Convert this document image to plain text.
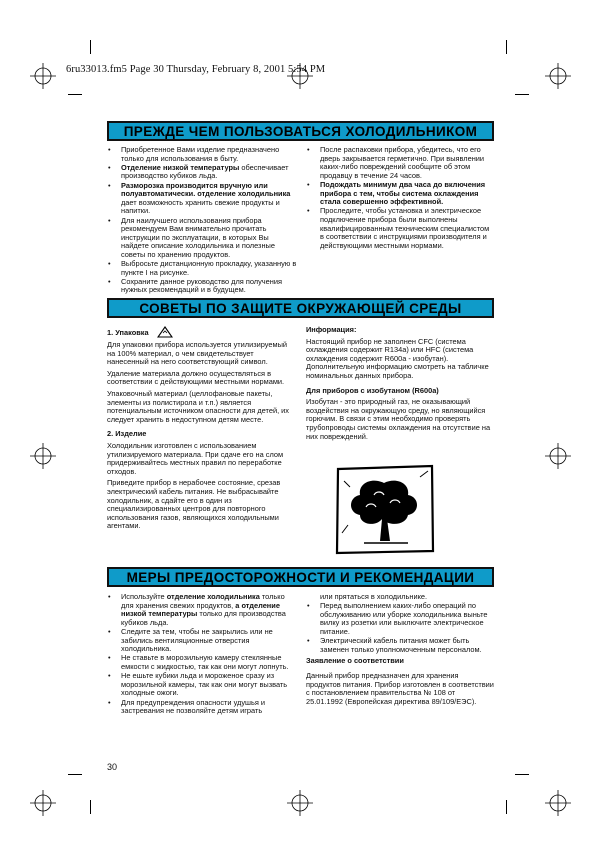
6ru33013.fm5 Page 30 Thursday, February 8, 2001 5:54 PM
ПРЕЖДЕ ЧЕМ ПОЛЬЗОВАТЬСЯ ХОЛОДИЛЬНИКОМ
• Приобретенное Вами изделие предназначено только для использования в быту.
• Отделение низкой температуры обеспечивает производство кубиков льда.
• Разморозка производится вручную или полуавтоматически. отделение холодильника дает возможность хранить свежие продукты и напитки.
• Для наилучшего использования прибора рекомендуем Вам внимательно прочитать инструкции по эксплуатации, в которых Вы найдете описание холодильника и полезные советы по хранению продуктов.
• Выбросьте дистанционную прокладку, указанную в пункте I на рисунке.
• Сохраните данное руководство для получения нужных рекомендаций и в будущем.
• После распаковки прибора, убедитесь, что его дверь закрывается герметично. При выявлении каких-либо повреждений сообщите об этом продавцу в течение 24 часов.
• Подождать минимум два часа до включения прибора с тем, чтобы система охлаждения стала совершенно эффективной.
• Проследите, чтобы установка и электрическое подключение прибора были выполнены квалифицированным техническим специалистом в соответствии с инструкциями производителя и действующими местными нормами.
СОВЕТЫ ПО ЗАЩИТЕ ОКРУЖАЮЩЕЙ СРЕДЫ
1. Упаковка
Для упаковки прибора используется утилизируемый на 100% материал, о чем свидетельствует нанесенный на него соответствующий символ.
Удаление материала должно осуществляться в соответствии с действующими местными нормами.
Упаковочный материал (целлофановые пакеты, элементы из полистирола и т.п.) является потенциальным источником опасности для детей, их следует хранить в недоступном детям месте.
2. Изделие
Холодильник изготовлен с использованием утилизируемого материала. При сдаче его на слом придерживайтесь местных правил по переработке отходов.
Приведите прибор в нерабочее состояние, срезав электрический кабель питания. Не выбрасывайте холодильник, а сдайте его в один из специализированных центров для повторного использования газов, являющихся холодильными агентами.
Информация:
Настоящий прибор не заполнен CFC (система охлаждения содержит R134a) или HFC (система охлаждения содержит R600a - изобутан). Дополнительную информацию смотреть на табличке номинальных данных прибора.
Для приборов с изобутаном (R600a)
Изобутан - это природный газ, не оказывающий воздействия на окружающую среду, но являющийся горючим. В связи с этим необходимо проверять трубопроводы системы охлаждения на отсутствие на них повреждений.
МЕРЫ ПРЕДОСТОРОЖНОСТИ И РЕКОМЕНДАЦИИ
• Используйте отделение холодильника только для хранения свежих продуктов, а отделение низкой температуры только для производства кубиков льда.
• Следите за тем, чтобы не закрылись или не забились вентиляционные отверстия холодильника.
• Не ставьте в морозильную камеру стеклянные емкости с жидкостью, так как они могут лопнуть.
• Не ешьте кубики льда и мороженое сразу из морозильной камеры, так как они могут вызвать холодные ожоги.
• Для предупреждения опасности удушья и застревания не позволяйте детям играть
или прятаться в холодильнике.
• Перед выполнением каких-либо операций по обслуживанию или уборке холодильника выньте вилку из розетки или выключите электрическое питание.
• Электрический кабель питания может быть заменен только уполномоченным персоналом.
Заявление о соответствии
Данный прибор предназначен для хранения продуктов питания. Прибор изготовлен в соответствии с постановлением правительства № 108 от 25.01.1992 (Европейская директива 89/109/ЕЭС).
30
